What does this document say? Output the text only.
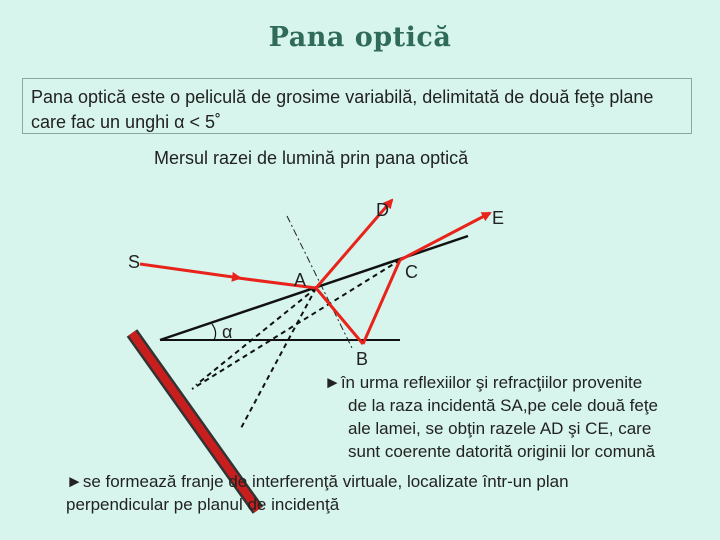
Pana optică
Pana optică este o peliculă de grosime variabilă, delimitată de două feţe plane care fac un unghi α < 5˚
Mersul razei de lumină prin pana optică
S
A
B
C
D	E
α
►în urma reflexiilor şi refracţiilor provenite
de la raza incidentă SA,pe cele două feţe
ale lamei, se obţin razele AD şi CE, care
sunt coerente datorită originii lor comună
►se formează franje de interferenţă virtuale, localizate într-un plan
perpendicular pe planul de incidenţă
